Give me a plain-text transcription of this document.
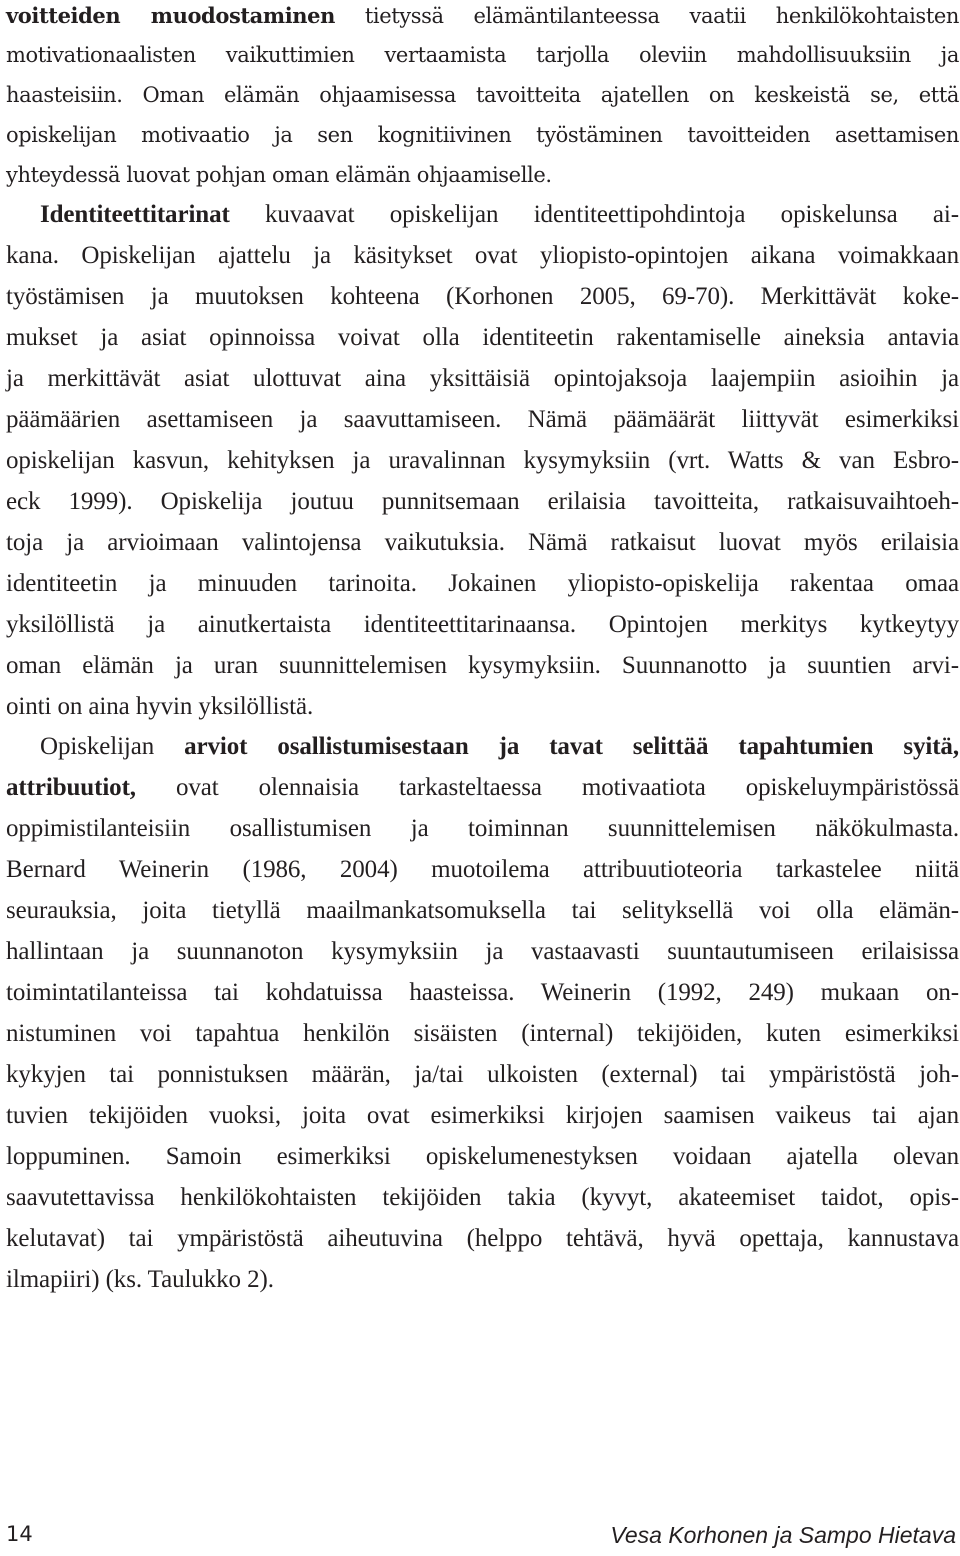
voitteiden muodostaminen tietyssä elämäntilanteessa vaatii henkilökohtaisten
motivationaalisten vaikuttimien vertaamista tarjolla oleviin mahdollisuuksiin ja
haasteisiin. Oman elämän ohjaamisessa tavoitteita ajatellen on keskeistä se, että
opiskelijan motivaatio ja sen kognitiivinen työstäminen tavoitteiden asettamisen
yhteydessä luovat pohjan oman elämän ohjaamiselle.
Identiteettitarinat kuvaavat opiskelijan identiteettipohdintoja opiskelunsa ai-
kana. Opiskelijan ajattelu ja käsitykset ovat yliopisto-opintojen aikana voimakkaan
työstämisen ja muutoksen kohteena (Korhonen 2005, 69-70). Merkittävät koke-
mukset ja asiat opinnoissa voivat olla identiteetin rakentamiselle aineksia antavia
ja merkittävät asiat ulottuvat aina yksittäisiä opintojaksoja laajempiin asioihin ja
päämäärien asettamiseen ja saavuttamiseen. Nämä päämäärät liittyvät esimerkiksi
opiskelijan kasvun, kehityksen ja uravalinnan kysymyksiin (vrt. Watts & van Esbro-
eck 1999). Opiskelija joutuu punnitsemaan erilaisia tavoitteita, ratkaisuvaihtoeh-
toja ja arvioimaan valintojensa vaikutuksia. Nämä ratkaisut luovat myös erilaisia
identiteetin ja minuuden tarinoita. Jokainen yliopisto-opiskelija rakentaa omaa
yksilöllistä ja ainutkertaista identiteettitarinaansa. Opintojen merkitys kytkeytyy
oman elämän ja uran suunnittelemisen kysymyksiin. Suunnanotto ja suuntien arvi-
ointi on aina hyvin yksilöllistä.
Opiskelijan arviot osallistumisestaan ja tavat selittää tapahtumien syitä,
attribuutiot, ovat olennaisia tarkasteltaessa motivaatiota opiskeluympäristössä
oppimistilanteisiin osallistumisen ja toiminnan suunnittelemisen näkökulmasta.
Bernard Weinerin (1986, 2004) muotoilema attribuutioteoria tarkastelee niitä
seurauksia, joita tietyllä maailmankatsomuksella tai selityksellä voi olla elämän-
hallintaan ja suunnanoton kysymyksiin ja vastaavasti suuntautumiseen erilaisissa
toimintatilanteissa tai kohdatuissa haasteissa. Weinerin (1992, 249) mukaan on-
nistuminen voi tapahtua henkilön sisäisten (internal) tekijöiden, kuten esimerkiksi
kykyjen tai ponnistuksen määrän, ja/tai ulkoisten (external) tai ympäristöstä joh-
tuvien tekijöiden vuoksi, joita ovat esimerkiksi kirjojen saamisen vaikeus tai ajan
loppuminen. Samoin esimerkiksi opiskelumenestyksen voidaan ajatella olevan
saavutettavissa henkilökohtaisten tekijöiden takia (kyvyt, akateemiset taidot, opis-
kelutavat) tai ympäristöstä aiheutuvina (helppo tehtävä, hyvä opettaja, kannustava
ilmapiiri) (ks. Taulukko 2).
14	Vesa Korhonen ja Sampo Hietava
